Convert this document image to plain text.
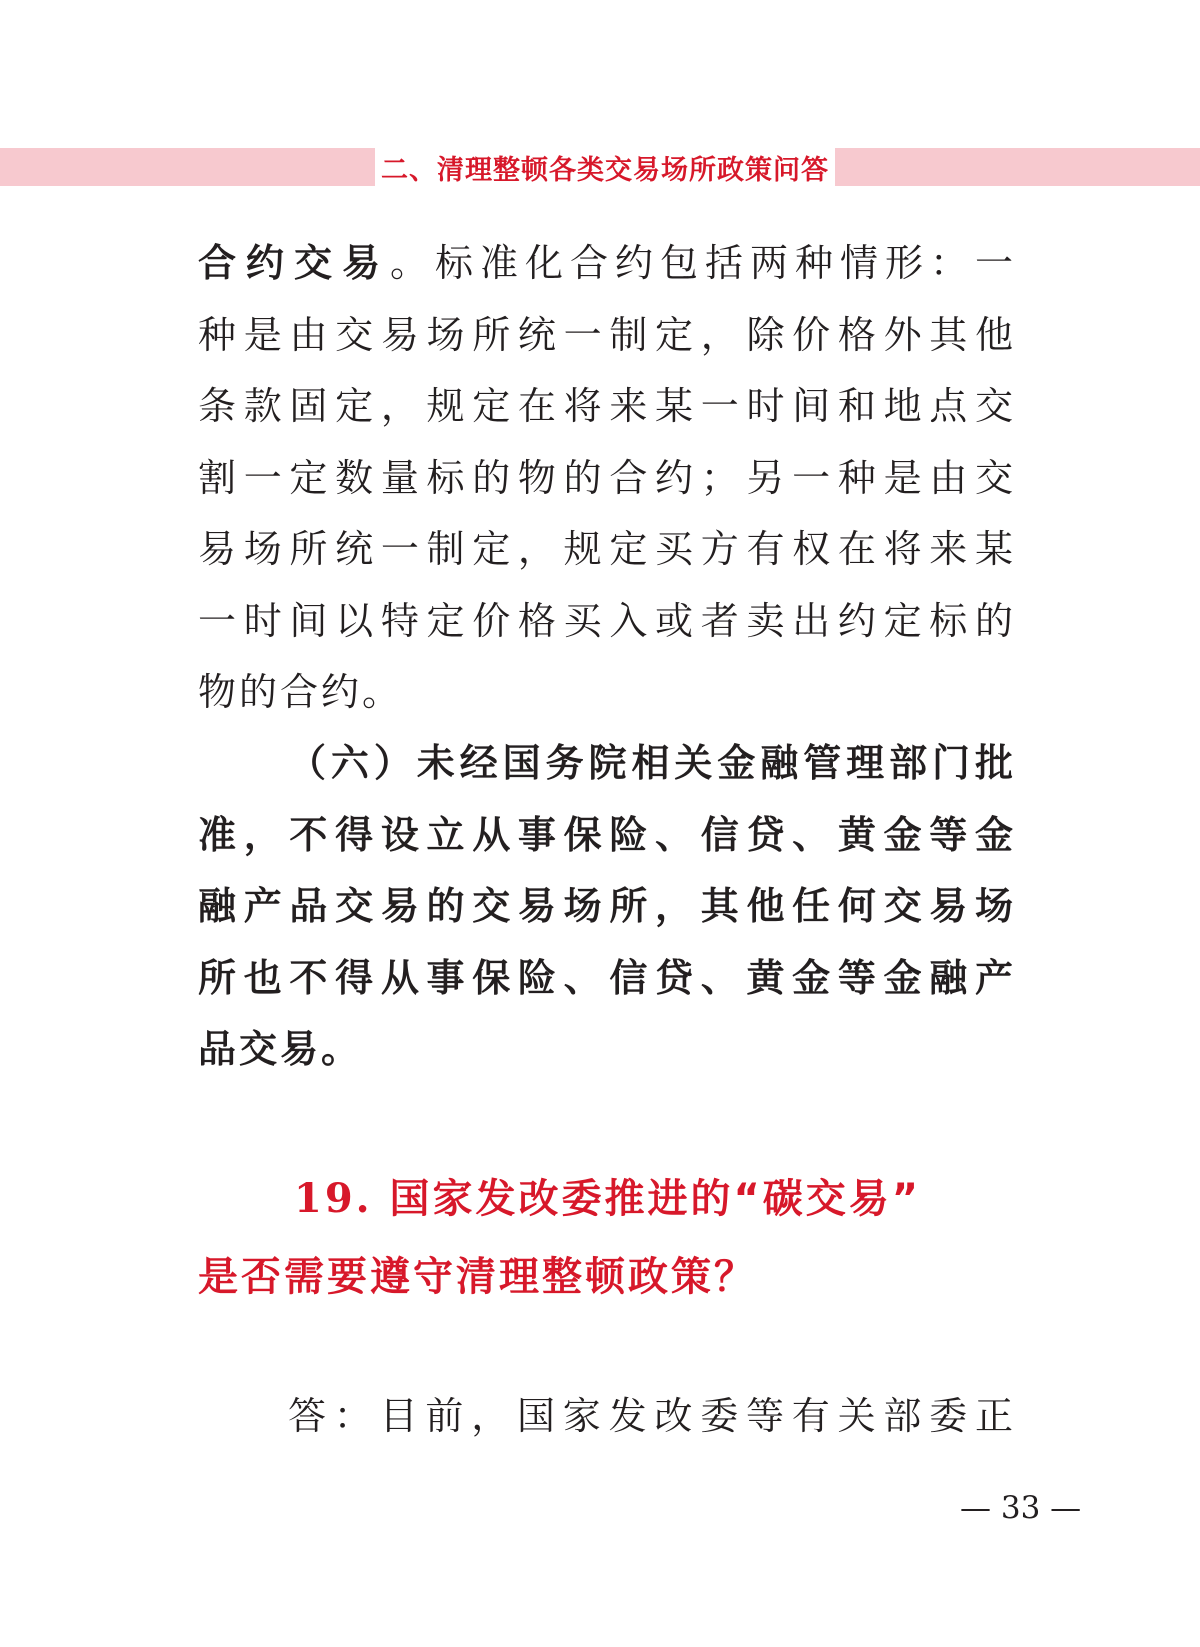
二、清理整顿各类交易场所政策问答
合约交易。标准化合约包括两种情形：一
种是由交易场所统一制定，除价格外其他
条款固定，规定在将来某一时间和地点交
割一定数量标的物的合约；另一种是由交
易场所统一制定，规定买方有权在将来某
一时间以特定价格买入或者卖出约定标的
物的合约。
（六）未经国务院相关金融管理部门批
准，不得设立从事保险、信贷、黄金等金
融产品交易的交易场所，其他任何交易场
所也不得从事保险、信贷、黄金等金融产
品交易。
19. 国家发改委推进的“碳交易”
是否需要遵守清理整顿政策？
答：目前，国家发改委等有关部委正
— 33 —
